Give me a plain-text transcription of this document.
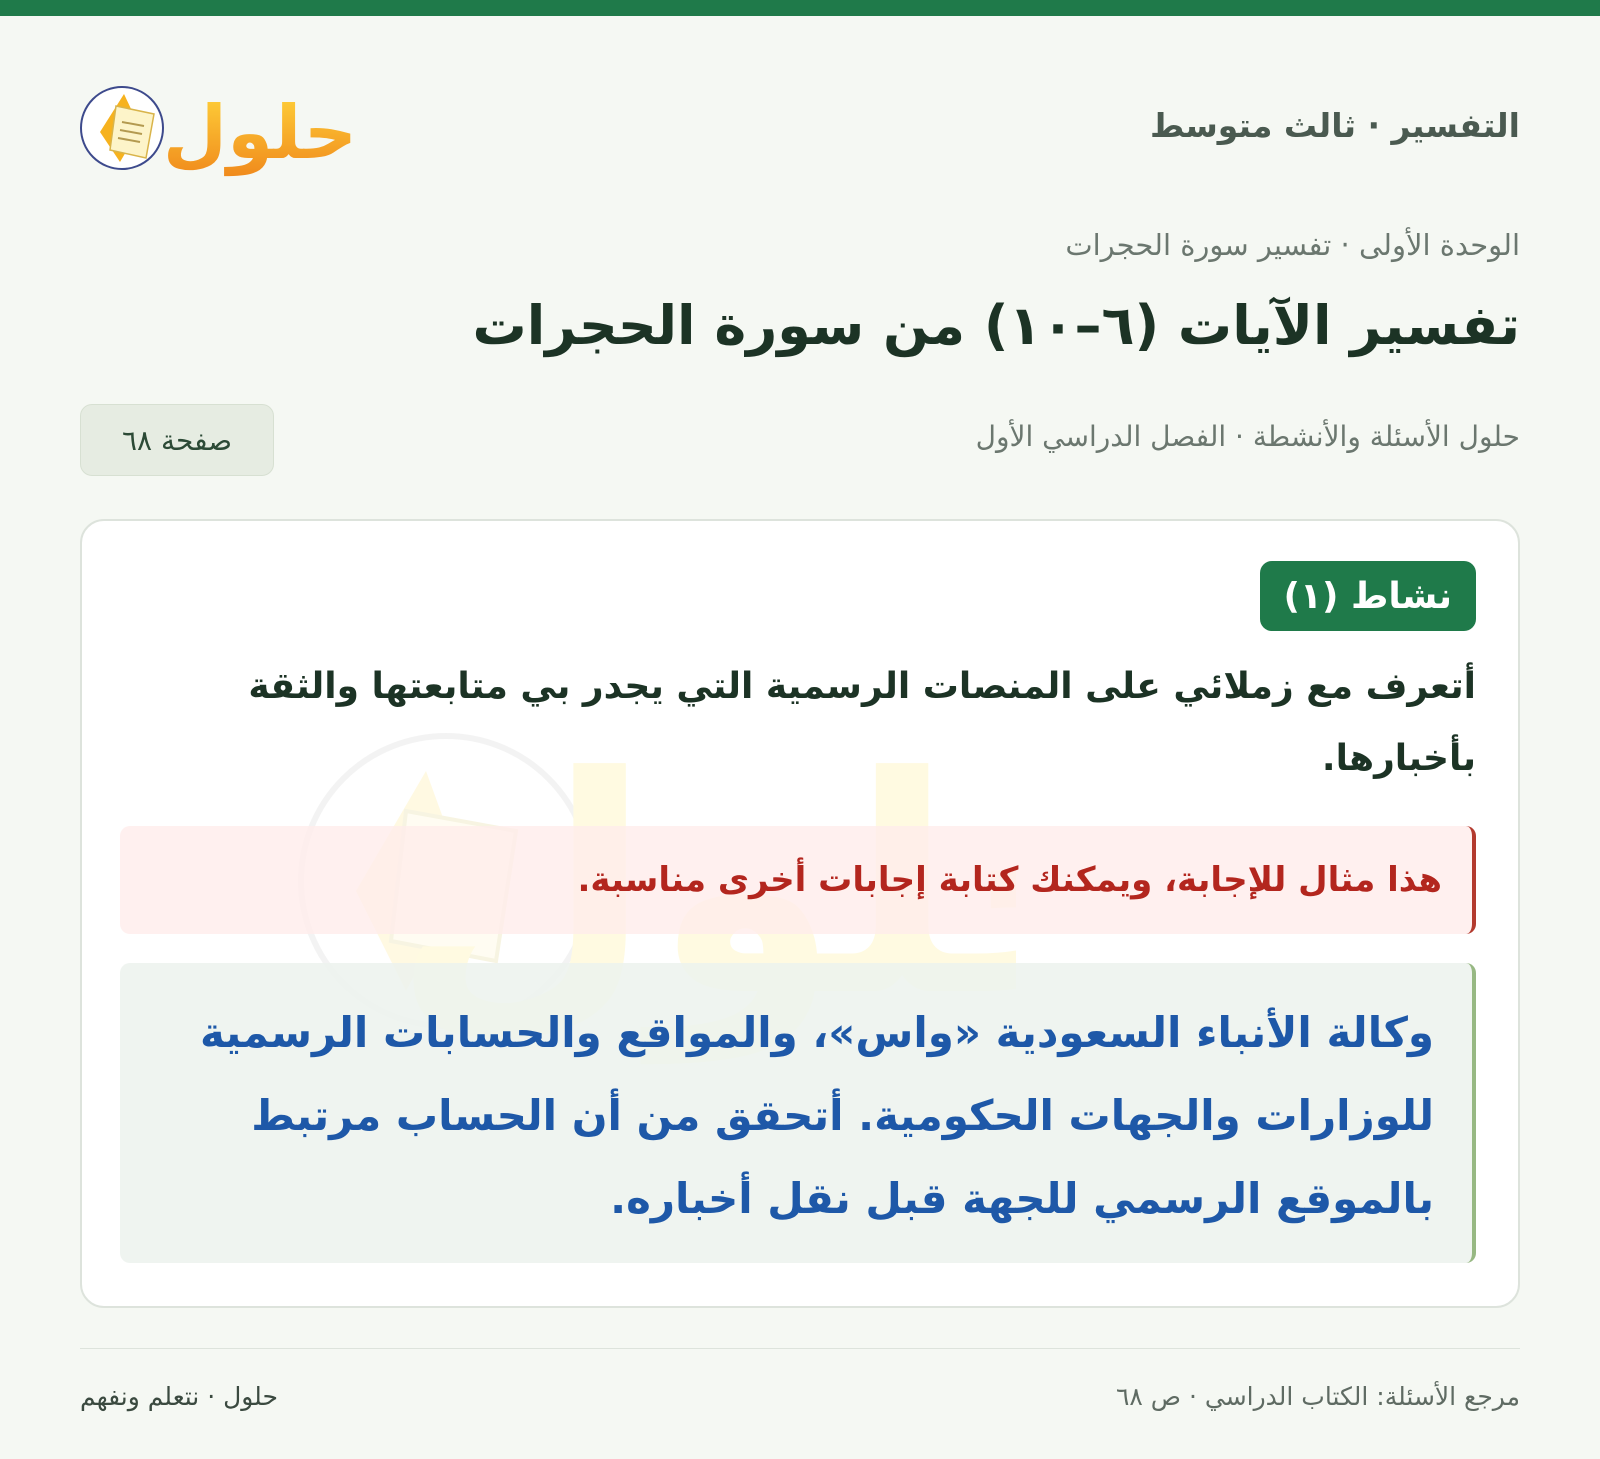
التفسير · ثالث متوسط
حلول
الوحدة الأولى · تفسير سورة الحجرات
تفسير الآيات (٦–١٠) من سورة الحجرات
حلول الأسئلة والأنشطة · الفصل الدراسي الأول
صفحة ٦٨
نشاط (١)
أتعرف مع زملائي على المنصات الرسمية التي يجدر بي متابعتها والثقة بأخبارها.
هذا مثال للإجابة، ويمكنك كتابة إجابات أخرى مناسبة.
وكالة الأنباء السعودية «واس»، والمواقع والحسابات الرسمية للوزارات والجهات الحكومية. أتحقق من أن الحساب مرتبط بالموقع الرسمي للجهة قبل نقل أخباره.
مرجع الأسئلة: الكتاب الدراسي · ص ٦٨
حلول · نتعلم ونفهم
